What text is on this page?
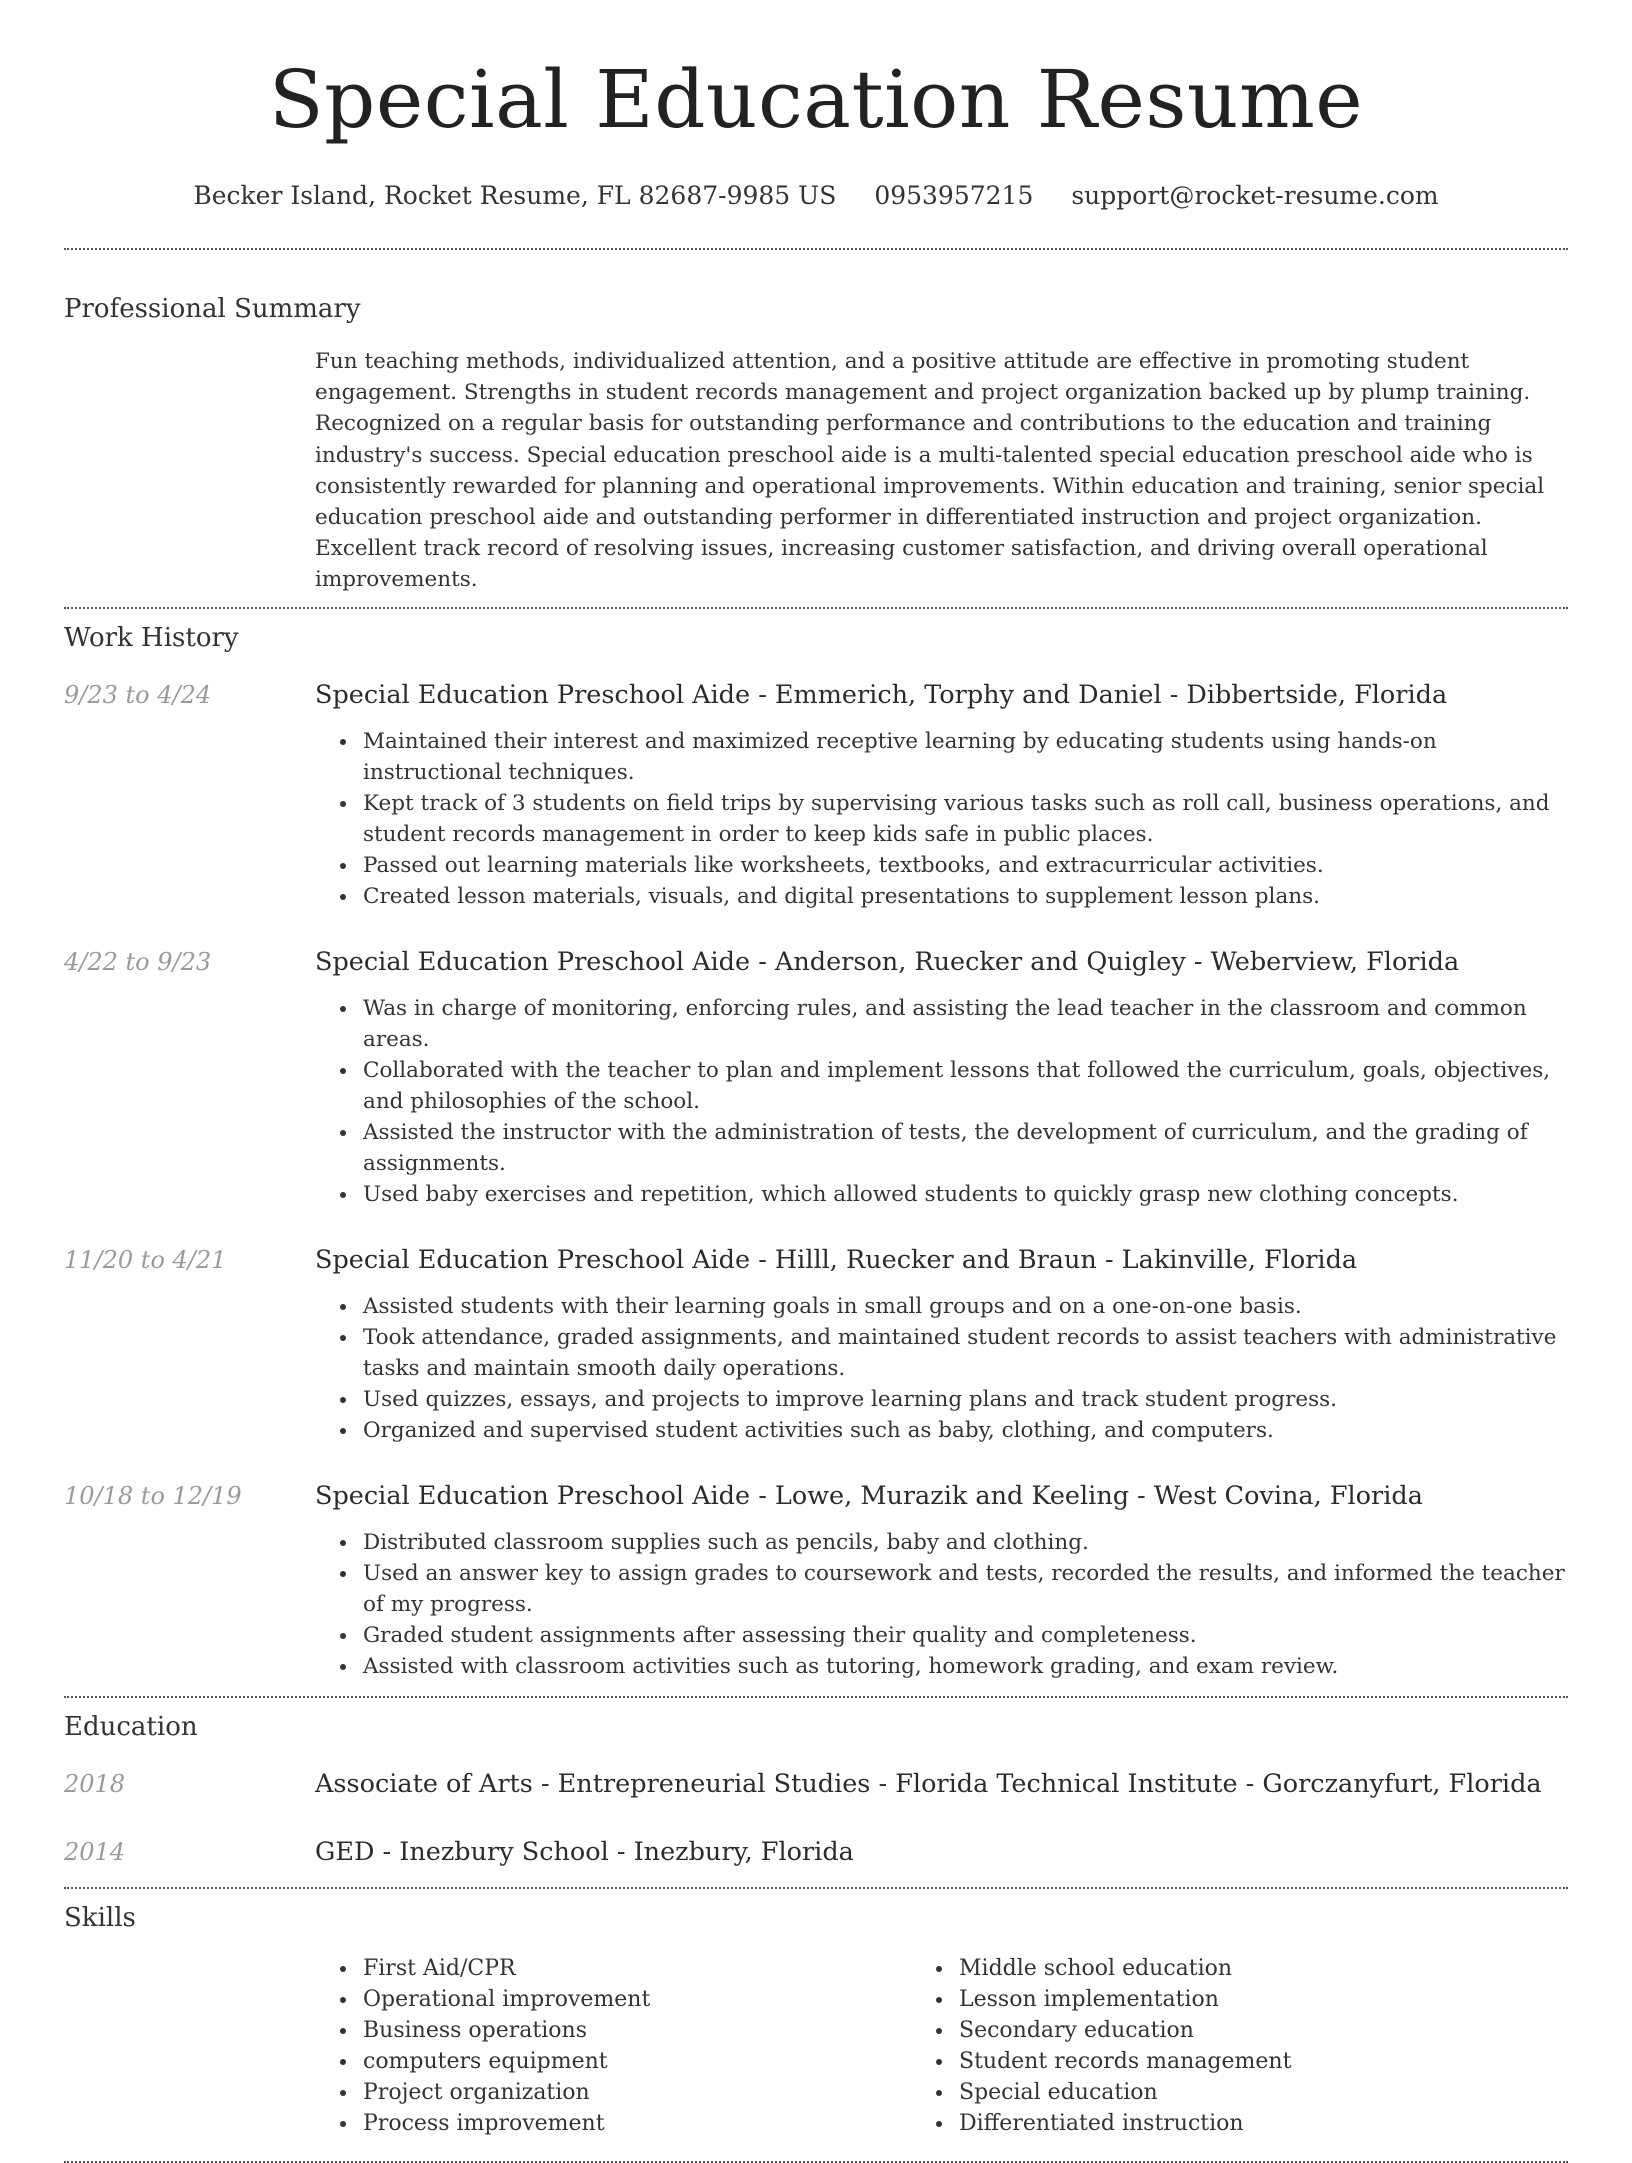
Special Education Resume
Becker Island, Rocket Resume, FL 82687-9985 US 0953957215 support@rocket-resume.com
Professional Summary
Fun teaching methods, individualized attention, and a positive attitude are effective in promoting student engagement. Strengths in student records management and project organization backed up by plump training. Recognized on a regular basis for outstanding performance and contributions to the education and training industry's success. Special education preschool aide is a multi-talented special education preschool aide who is consistently rewarded for planning and operational improvements. Within education and training, senior special education preschool aide and outstanding performer in differentiated instruction and project organization. Excellent track record of resolving issues, increasing customer satisfaction, and driving overall operational improvements.
Work History
9/23 to 4/24	Special Education Preschool Aide - Emmerich, Torphy and Daniel - Dibbertside, Florida
• Maintained their interest and maximized receptive learning by educating students using hands-on instructional techniques.
• Kept track of 3 students on field trips by supervising various tasks such as roll call, business operations, and student records management in order to keep kids safe in public places.
• Passed out learning materials like worksheets, textbooks, and extracurricular activities.
• Created lesson materials, visuals, and digital presentations to supplement lesson plans.
4/22 to 9/23	Special Education Preschool Aide - Anderson, Ruecker and Quigley - Weberview, Florida
• Was in charge of monitoring, enforcing rules, and assisting the lead teacher in the classroom and common areas.
• Collaborated with the teacher to plan and implement lessons that followed the curriculum, goals, objectives, and philosophies of the school.
• Assisted the instructor with the administration of tests, the development of curriculum, and the grading of assignments.
• Used baby exercises and repetition, which allowed students to quickly grasp new clothing concepts.
11/20 to 4/21	Special Education Preschool Aide - Hilll, Ruecker and Braun - Lakinville, Florida
• Assisted students with their learning goals in small groups and on a one-on-one basis.
• Took attendance, graded assignments, and maintained student records to assist teachers with administrative tasks and maintain smooth daily operations.
• Used quizzes, essays, and projects to improve learning plans and track student progress.
• Organized and supervised student activities such as baby, clothing, and computers.
10/18 to 12/19	Special Education Preschool Aide - Lowe, Murazik and Keeling - West Covina, Florida
• Distributed classroom supplies such as pencils, baby and clothing.
• Used an answer key to assign grades to coursework and tests, recorded the results, and informed the teacher of my progress.
• Graded student assignments after assessing their quality and completeness.
• Assisted with classroom activities such as tutoring, homework grading, and exam review.
Education
2018	Associate of Arts - Entrepreneurial Studies - Florida Technical Institute - Gorczanyfurt, Florida
2014	GED - Inezbury School - Inezbury, Florida
Skills
• First Aid/CPR
• Operational improvement
• Business operations
• computers equipment
• Project organization
• Process improvement
• Middle school education
• Lesson implementation
• Secondary education
• Student records management
• Special education
• Differentiated instruction
